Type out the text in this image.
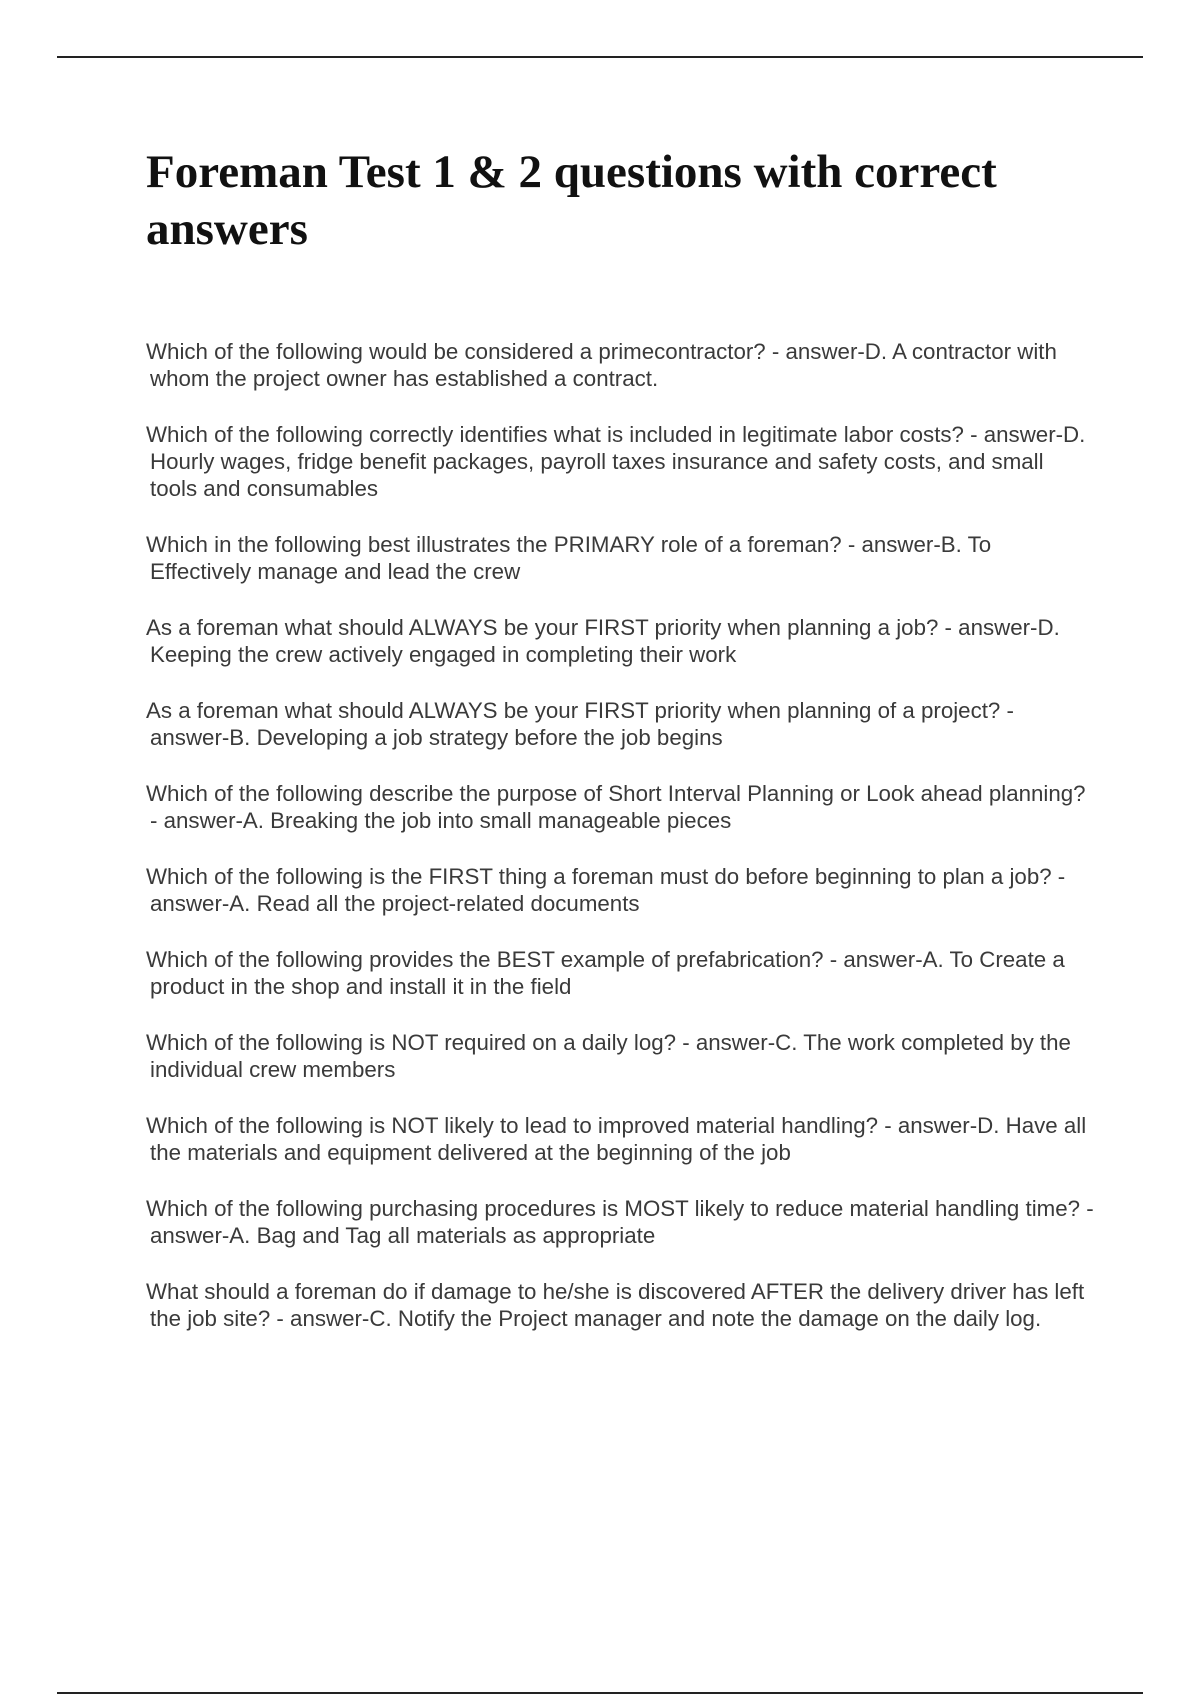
Foreman Test 1 & 2 questions with correct answers
Which of the following would be considered a primecontractor? - answer-D. A contractor with whom the project owner has established a contract.
Which of the following correctly identifies what is included in legitimate labor costs? - answer-D. Hourly wages, fridge benefit packages, payroll taxes insurance and safety costs, and small tools and consumables
Which in the following best illustrates the PRIMARY role of a foreman? - answer-B. To Effectively manage and lead the crew
As a foreman what should ALWAYS be your FIRST priority when planning a job? - answer-D. Keeping the crew actively engaged in completing their work
As a foreman what should ALWAYS be your FIRST priority when planning of a project? - answer-B. Developing a job strategy before the job begins
Which of the following describe the purpose of Short Interval Planning or Look ahead planning? - answer-A. Breaking the job into small manageable pieces
Which of the following is the FIRST thing a foreman must do before beginning to plan a job? - answer-A. Read all the project-related documents
Which of the following provides the BEST example of prefabrication? - answer-A. To Create a product in the shop and install it in the field
Which of the following is NOT required on a daily log? - answer-C. The work completed by the individual crew members
Which of the following is NOT likely to lead to improved material handling? - answer-D. Have all the materials and equipment delivered at the beginning of the job
Which of the following purchasing procedures is MOST likely to reduce material handling time? - answer-A. Bag and Tag all materials as appropriate
What should a foreman do if damage to he/she is discovered AFTER the delivery driver has left the job site? - answer-C. Notify the Project manager and note the damage on the daily log.
